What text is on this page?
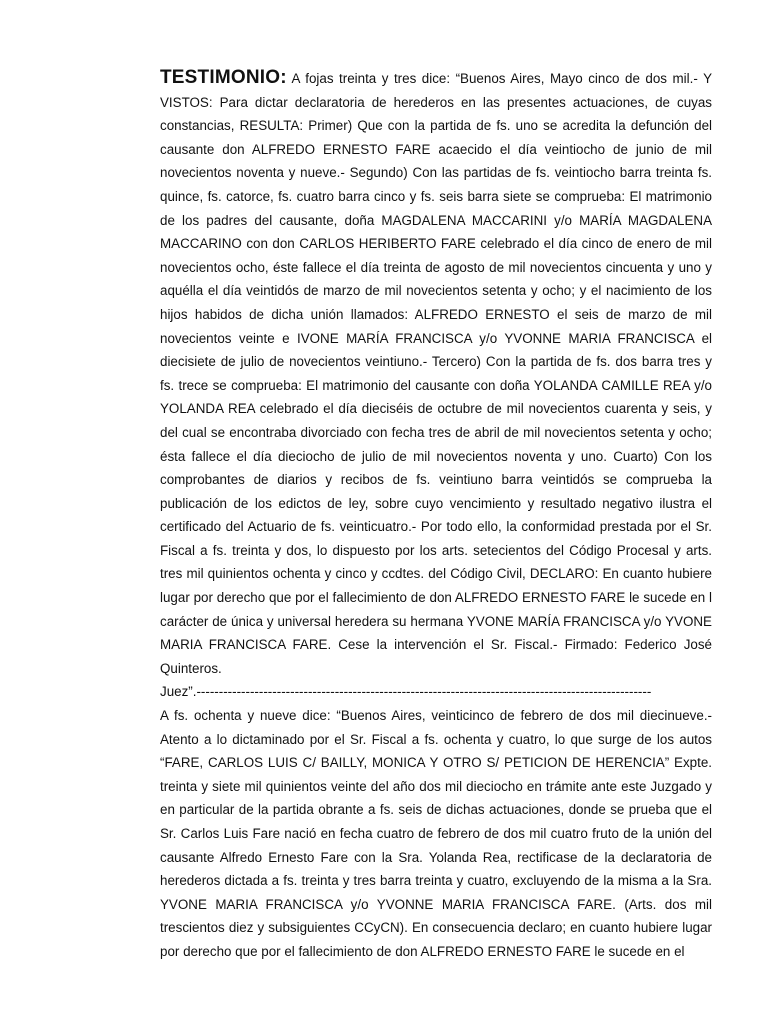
TESTIMONIO: A fojas treinta y tres dice: “Buenos Aires, Mayo cinco de dos mil.- Y VISTOS: Para dictar declaratoria de herederos en las presentes actuaciones, de cuyas constancias, RESULTA: Primer) Que con la partida de fs. uno se acredita la defunción del causante don ALFREDO ERNESTO FARE acaecido el día veintiocho de junio de mil novecientos noventa y nueve.- Segundo) Con las partidas de fs. veintiocho barra treinta fs. quince, fs. catorce, fs. cuatro barra cinco y fs. seis barra siete se comprueba: El matrimonio de los padres del causante, doña MAGDALENA MACCARINI y/o MARÍA MAGDALENA MACCARINO con don CARLOS HERIBERTO FARE celebrado el día cinco de enero de mil novecientos ocho, éste fallece el día treinta de agosto de mil novecientos cincuenta y uno y aquélla el día veintidós de marzo de mil novecientos setenta y ocho; y el nacimiento de los hijos habidos de dicha unión llamados: ALFREDO ERNESTO el seis de marzo de mil novecientos veinte e IVONE MARÍA FRANCISCA y/o YVONNE MARIA FRANCISCA el diecisiete de julio de novecientos veintiuno.- Tercero) Con la partida de fs. dos barra tres y fs. trece se comprueba: El matrimonio del causante con doña YOLANDA CAMILLE REA y/o YOLANDA REA celebrado el día dieciséis de octubre de mil novecientos cuarenta y seis, y del cual se encontraba divorciado con fecha tres de abril de mil novecientos setenta y ocho; ésta fallece el día dieciocho de julio de mil novecientos noventa y uno. Cuarto) Con los comprobantes de diarios y recibos de fs. veintiuno barra veintidós se comprueba la publicación de los edictos de ley, sobre cuyo vencimiento y resultado negativo ilustra el certificado del Actuario de fs. veinticuatro.- Por todo ello, la conformidad prestada por el Sr. Fiscal a fs. treinta y dos, lo dispuesto por los arts. setecientos del Código Procesal y arts. tres mil quinientos ochenta y cinco y ccdtes. del Código Civil, DECLARO: En cuanto hubiere lugar por derecho que por el fallecimiento de don ALFREDO ERNESTO FARE le sucede en l carácter de única y universal heredera su hermana YVONE MARÍA FRANCISCA y/o YVONE MARIA FRANCISCA FARE. Cese la intervención el Sr. Fiscal.- Firmado: Federico José Quinteros.

Juez”.------------------------------------------------------------------------------------------------------

A fs. ochenta y nueve dice: “Buenos Aires, veinticinco de febrero de dos mil diecinueve.- Atento a lo dictaminado por el Sr. Fiscal a fs. ochenta y cuatro, lo que surge de los autos “FARE, CARLOS LUIS C/ BAILLY, MONICA Y OTRO S/ PETICION DE HERENCIA” Expte. treinta y siete mil quinientos veinte del año dos mil dieciocho en trámite ante este Juzgado y en particular de la partida obrante a fs. seis de dichas actuaciones, donde se prueba que el Sr. Carlos Luis Fare nació en fecha cuatro de febrero de dos mil cuatro fruto de la unión del causante Alfredo Ernesto Fare con la Sra. Yolanda Rea, rectificase de la declaratoria de herederos dictada a fs. treinta y tres barra treinta y cuatro, excluyendo de la misma a la Sra. YVONE MARIA FRANCISCA y/o YVONNE MARIA FRANCISCA FARE. (Arts. dos mil trescientos diez y subsiguientes CCyCN). En consecuencia declaro; en cuanto hubiere lugar por derecho que por el fallecimiento de don ALFREDO ERNESTO FARE le sucede en el
